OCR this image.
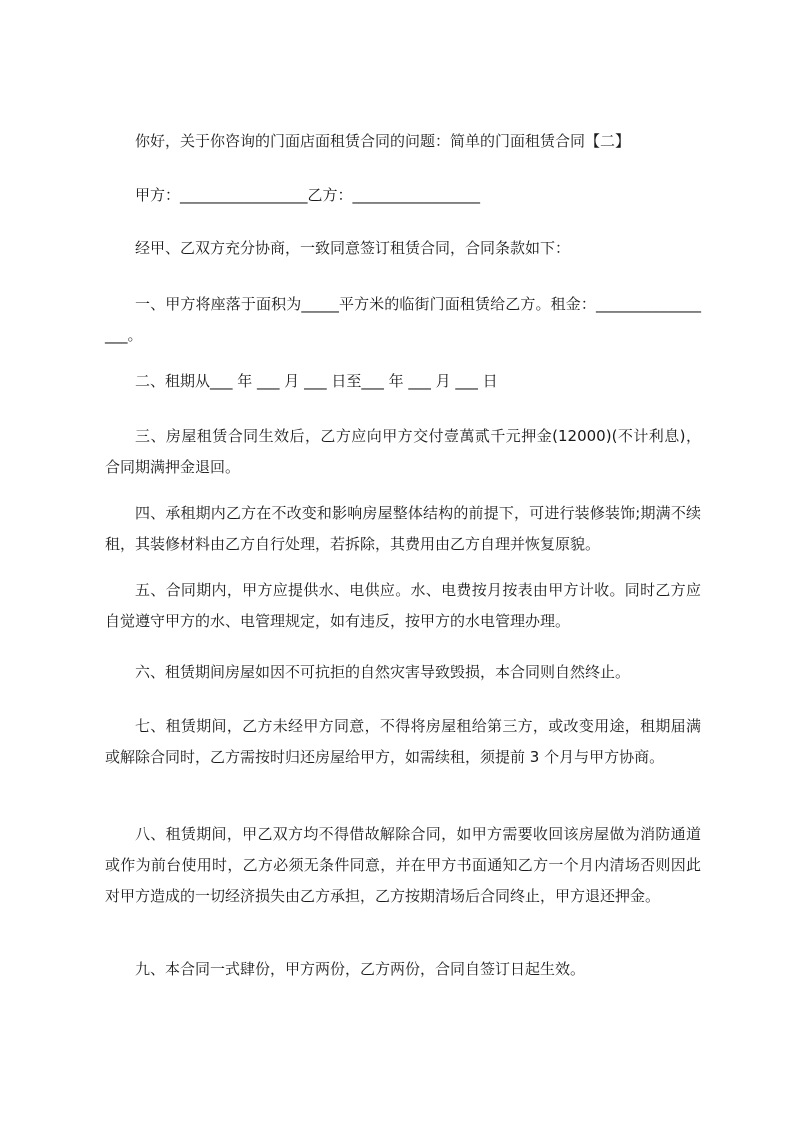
你好，关于你咨询的门面店面租赁合同的问题：简单的门面租赁合同【二】

甲方：_________________乙方：_________________

经甲、乙双方充分协商，一致同意签订租赁合同，合同条款如下：

一、甲方将座落于面积为_____平方米的临街门面租赁给乙方。租金：_________________。

二、租期从___ 年 ___ 月 ___ 日至___ 年 ___ 月 ___ 日

三、房屋租赁合同生效后，乙方应向甲方交付壹萬贰千元押金(12000)(不计利息)，合同期满押金退回。

四、承租期内乙方在不改变和影响房屋整体结构的前提下，可进行装修装饰;期满不续租，其装修材料由乙方自行处理，若拆除，其费用由乙方自理并恢复原貌。

五、合同期内，甲方应提供水、电供应。水、电费按月按表由甲方计收。同时乙方应自觉遵守甲方的水、电管理规定，如有违反，按甲方的水电管理办理。

六、租赁期间房屋如因不可抗拒的自然灾害导致毁损，本合同则自然终止。

七、租赁期间，乙方未经甲方同意，不得将房屋租给第三方，或改变用途，租期届满或解除合同时，乙方需按时归还房屋给甲方，如需续租，须提前 3 个月与甲方协商。

八、租赁期间，甲乙双方均不得借故解除合同，如甲方需要收回该房屋做为消防通道或作为前台使用时，乙方必须无条件同意，并在甲方书面通知乙方一个月内清场否则因此对甲方造成的一切经济损失由乙方承担，乙方按期清场后合同终止，甲方退还押金。

九、本合同一式肆份，甲方两份，乙方两份，合同自签订日起生效。
